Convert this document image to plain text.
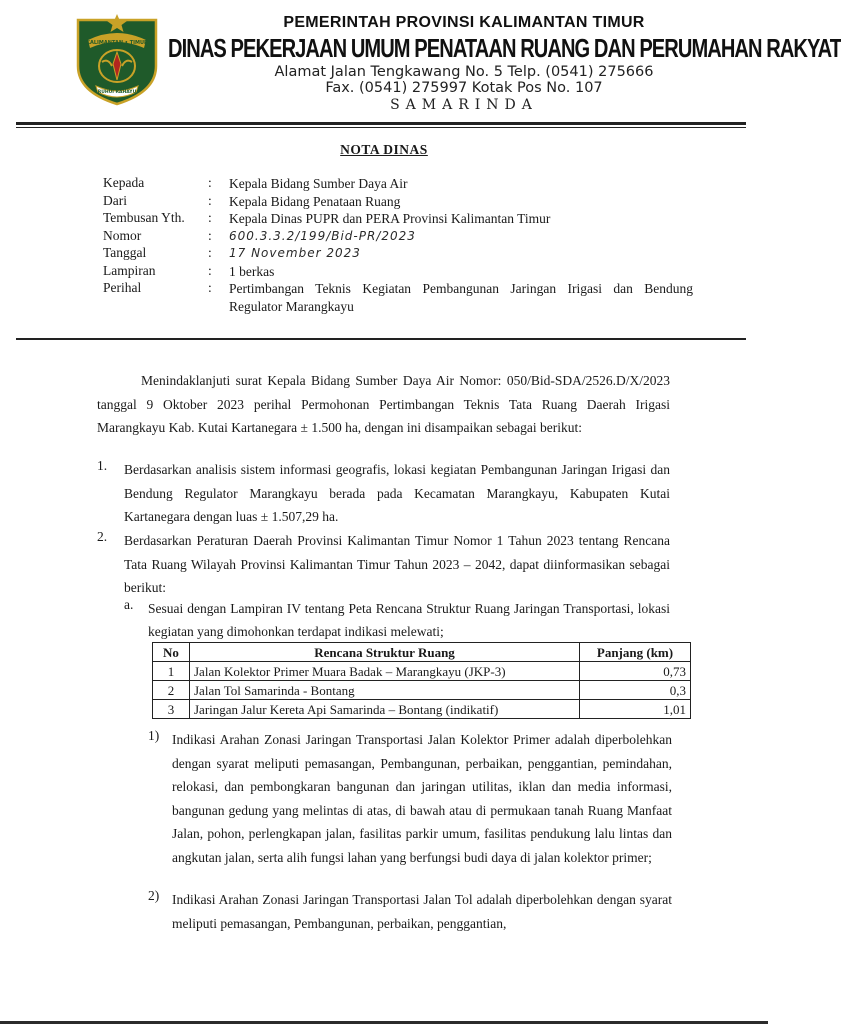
KALIMANTAN • TIMUR
RUHUI RAHAYU
PEMERINTAH PROVINSI KALIMANTAN TIMUR
DINAS PEKERJAAN UMUM PENATAAN RUANG DAN PERUMAHAN RAKYAT
Alamat Jalan Tengkawang No. 5 Telp. (0541) 275666
Fax. (0541) 275997 Kotak Pos No. 107
SAMARINDA
NOTA DINAS
Kepada	: Kepala Bidang Sumber Daya Air
Dari	: Kepala Bidang Penataan Ruang
Tembusan Yth. : Kepala Dinas PUPR dan PERA Provinsi Kalimantan Timur
Nomor	: 600.3.3.2/199/Bid-PR/2023
Tanggal	: 17 November 2023
Lampiran	: 1 berkas
Perihal	: Pertimbangan Teknis Kegiatan Pembangunan Jaringan Irigasi dan Bendung Regulator Marangkayu
Menindaklanjuti surat Kepala Bidang Sumber Daya Air Nomor: 050/Bid-SDA/2526.D/X/2023 tanggal 9 Oktober 2023 perihal Permohonan Pertimbangan Teknis Tata Ruang Daerah Irigasi Marangkayu Kab. Kutai Kartanegara ± 1.500 ha, dengan ini disampaikan sebagai berikut:
1. Berdasarkan analisis sistem informasi geografis, lokasi kegiatan Pembangunan Jaringan Irigasi dan Bendung Regulator Marangkayu berada pada Kecamatan Marangkayu, Kabupaten Kutai Kartanegara dengan luas ± 1.507,29 ha.
2. Berdasarkan Peraturan Daerah Provinsi Kalimantan Timur Nomor 1 Tahun 2023 tentang Rencana Tata Ruang Wilayah Provinsi Kalimantan Timur Tahun 2023 – 2042, dapat diinformasikan sebagai berikut:
a. Sesuai dengan Lampiran IV tentang Peta Rencana Struktur Ruang Jaringan Transportasi, lokasi kegiatan yang dimohonkan terdapat indikasi melewati;
No	Rencana Struktur Ruang	Panjang (km)
1	Jalan Kolektor Primer Muara Badak – Marangkayu (JKP-3)	0,73
2	Jalan Tol Samarinda - Bontang	0,3
3	Jaringan Jalur Kereta Api Samarinda – Bontang (indikatif)	1,01
1) Indikasi Arahan Zonasi Jaringan Transportasi Jalan Kolektor Primer adalah diperbolehkan dengan syarat meliputi pemasangan, Pembangunan, perbaikan, penggantian, pemindahan, relokasi, dan pembongkaran bangunan dan jaringan utilitas, iklan dan media informasi, bangunan gedung yang melintas di atas, di bawah atau di permukaan tanah Ruang Manfaat Jalan, pohon, perlengkapan jalan, fasilitas parkir umum, fasilitas pendukung lalu lintas dan angkutan jalan, serta alih fungsi lahan yang berfungsi budi daya di jalan kolektor primer;
2) Indikasi Arahan Zonasi Jaringan Transportasi Jalan Tol adalah diperbolehkan dengan syarat meliputi pemasangan, Pembangunan, perbaikan, penggantian,
